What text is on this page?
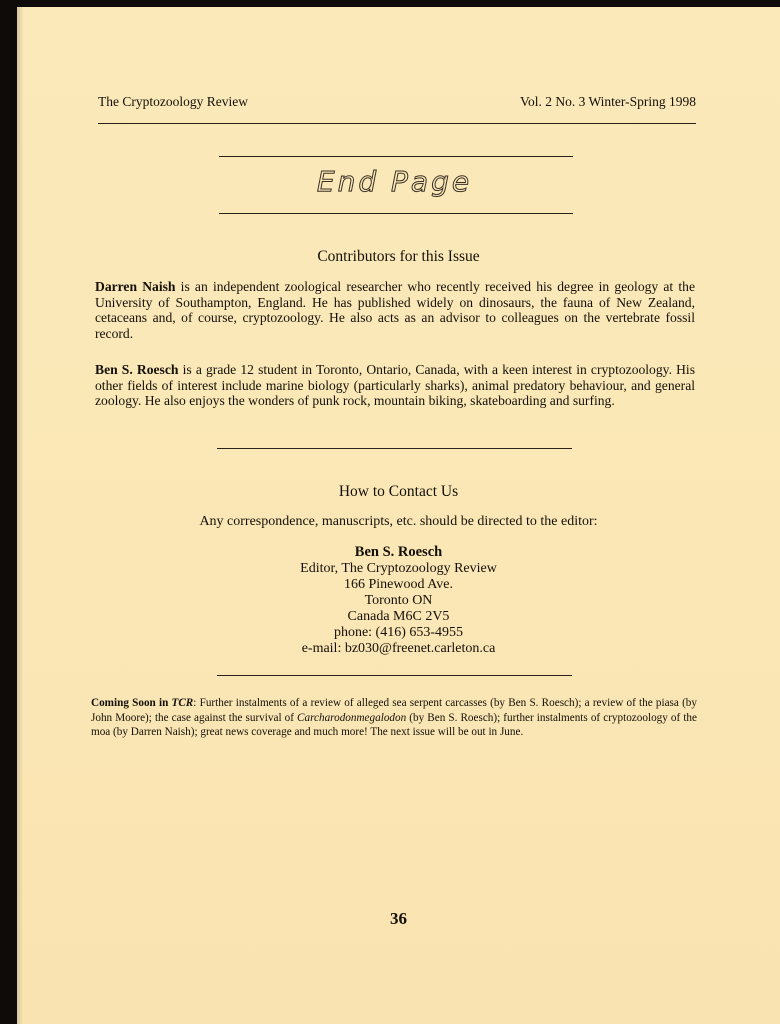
The Cryptozoology Review	Vol. 2 No. 3 Winter-Spring 1998
End Page
Contributors for this Issue
Darren Naish is an independent zoological researcher who recently received his degree in geology at the University of Southampton, England. He has published widely on dinosaurs, the fauna of New Zealand, cetaceans and, of course, cryptozoology. He also acts as an advisor to colleagues on the vertebrate fossil record.
Ben S. Roesch is a grade 12 student in Toronto, Ontario, Canada, with a keen interest in cryptozoology. His other fields of interest include marine biology (particularly sharks), animal predatory behaviour, and general zoology. He also enjoys the wonders of punk rock, mountain biking, skateboarding and surfing.
How to Contact Us
Any correspondence, manuscripts, etc. should be directed to the editor:
Ben S. Roesch
Editor, The Cryptozoology Review
166 Pinewood Ave.
Toronto ON
Canada M6C 2V5
phone: (416) 653-4955
e-mail: bz030@freenet.carleton.ca
Coming Soon in TCR: Further instalments of a review of alleged sea serpent carcasses (by Ben S. Roesch); a review of the piasa (by John Moore); the case against the survival of Carcharodonmegalodon (by Ben S. Roesch); further instalments of cryptozoology of the moa (by Darren Naish); great news coverage and much more! The next issue will be out in June.
36
